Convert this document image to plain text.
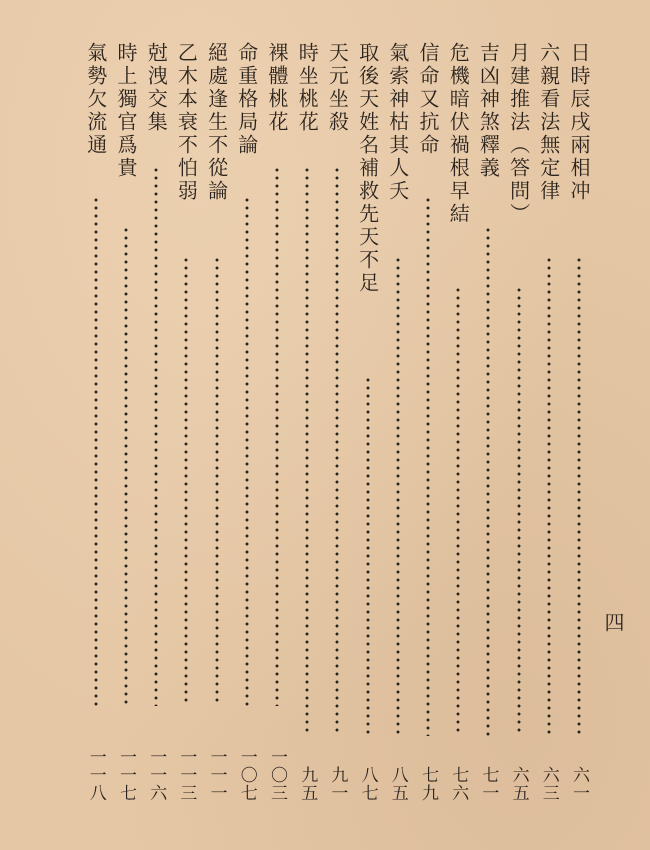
日時辰戌兩相冲
六一
六親看法無定律
六三
月建推法︵答問︶
六五
吉凶神煞釋義
七一
危機暗伏禍根早結
七六
信命又抗命
七九
氣索神枯其人夭
八五
取後天姓名補救先天不足
八七
天元坐殺
九一
時坐桃花
九五
裸體桃花
一〇三
命重格局論
一〇七
絕處逢生不從論
一一一
乙木本衰不怕弱
一一三
尅洩交集
一一六
時上獨官爲貴
一一七
氣勢欠流通
一一八
四
